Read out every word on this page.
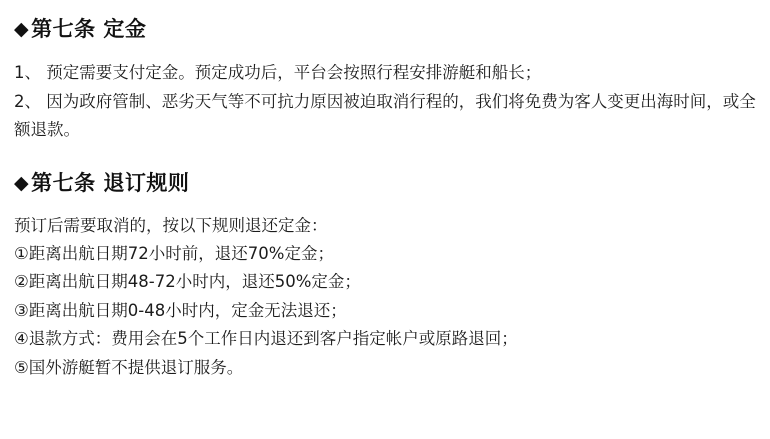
◆第七条 定金
1、 预定需要支付定金。预定成功后，平台会按照行程安排游艇和船长；
2、 因为政府管制、恶劣天气等不可抗力原因被迫取消行程的，我们将免费为客人变更出海时间，或全额退款。
◆第七条 退订规则
预订后需要取消的，按以下规则退还定金：
①距离出航日期72小时前，退还70%定金；
②距离出航日期48-72小时内，退还50%定金；
③距离出航日期0-48小时内，定金无法退还；
④退款方式：费用会在5个工作日内退还到客户指定帐户或原路退回；
⑤国外游艇暂不提供退订服务。
